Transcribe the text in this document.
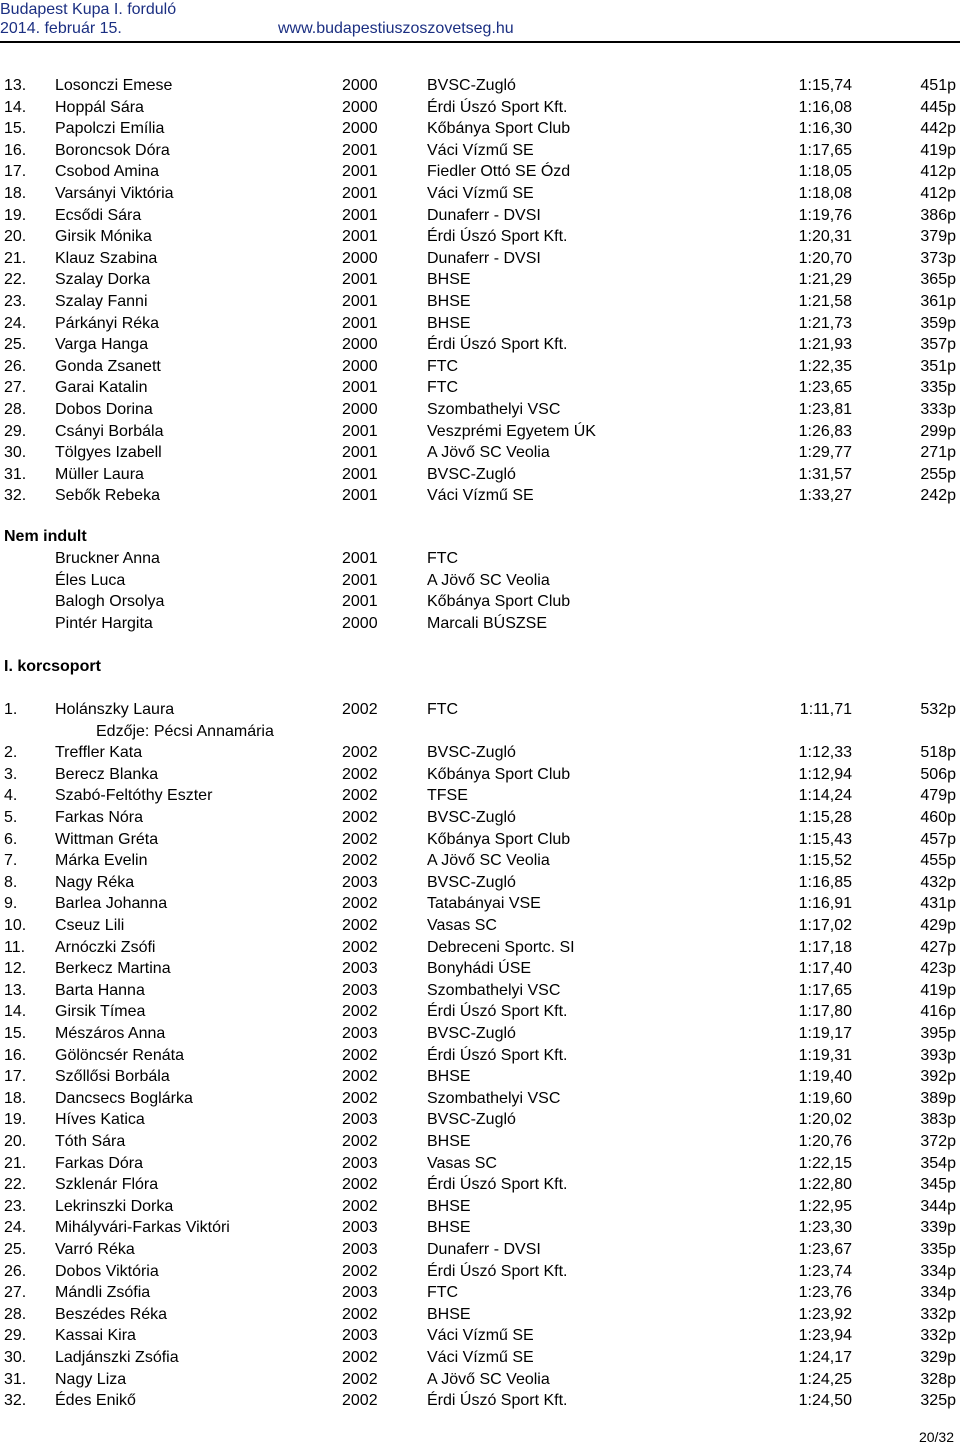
Budapest Kupa I. forduló
2014. február 15.	www.budapestiuszoszovetseg.hu
13. Losonczi Emese	2000	BVSC-Zugló	1:15,74	451p
14. Hoppál Sára	2000	Érdi Úszó Sport Kft.	1:16,08	445p
15. Papolczi Emília	2000	Kőbánya Sport Club	1:16,30	442p
16. Boroncsok Dóra	2001	Váci Vízmű SE	1:17,65	419p
17. Csobod Amina	2001	Fiedler Ottó SE Ózd	1:18,05	412p
18. Varsányi Viktória	2001	Váci Vízmű SE	1:18,08	412p
19. Ecsődi Sára	2001	Dunaferr - DVSI	1:19,76	386p
20. Girsik Mónika	2001	Érdi Úszó Sport Kft.	1:20,31	379p
21. Klauz Szabina	2000	Dunaferr - DVSI	1:20,70	373p
22. Szalay Dorka	2001	BHSE	1:21,29	365p
23. Szalay Fanni	2001	BHSE	1:21,58	361p
24. Párkányi Réka	2001	BHSE	1:21,73	359p
25. Varga Hanga	2000	Érdi Úszó Sport Kft.	1:21,93	357p
26. Gonda Zsanett	2000	FTC	1:22,35	351p
27. Garai Katalin	2001	FTC	1:23,65	335p
28. Dobos Dorina	2000	Szombathelyi VSC	1:23,81	333p
29. Csányi Borbála	2001	Veszprémi Egyetem ÚK	1:26,83	299p
30. Tölgyes Izabell	2001	A Jövő SC Veolia	1:29,77	271p
31. Müller Laura	2001	BVSC-Zugló	1:31,57	255p
32. Sebők Rebeka	2001	Váci Vízmű SE	1:33,27	242p
Nem indult
Bruckner Anna	2001	FTC
Éles Luca	2001	A Jövő SC Veolia
Balogh Orsolya	2001	Kőbánya Sport Club
Pintér Hargita	2000	Marcali BÚSZSE
I. korcsoport
1. Holánszky Laura	2002	FTC	1:11,71	532p
Edzője: Pécsi Annamária
2. Treffler Kata	2002	BVSC-Zugló	1:12,33	518p
3. Berecz Blanka	2002	Kőbánya Sport Club	1:12,94	506p
4. Szabó-Feltóthy Eszter	2002	TFSE	1:14,24	479p
5. Farkas Nóra	2002	BVSC-Zugló	1:15,28	460p
6. Wittman Gréta	2002	Kőbánya Sport Club	1:15,43	457p
7. Márka Evelin	2002	A Jövő SC Veolia	1:15,52	455p
8. Nagy Réka	2003	BVSC-Zugló	1:16,85	432p
9. Barlea Johanna	2002	Tatabányai VSE	1:16,91	431p
10. Cseuz Lili	2002	Vasas SC	1:17,02	429p
11. Arnóczki Zsófi	2002	Debreceni Sportc. SI	1:17,18	427p
12. Berkecz Martina	2003	Bonyhádi ÚSE	1:17,40	423p
13. Barta Hanna	2003	Szombathelyi VSC	1:17,65	419p
14. Girsik Tímea	2002	Érdi Úszó Sport Kft.	1:17,80	416p
15. Mészáros Anna	2003	BVSC-Zugló	1:19,17	395p
16. Gölöncsér Renáta	2002	Érdi Úszó Sport Kft.	1:19,31	393p
17. Szőllősi Borbála	2002	BHSE	1:19,40	392p
18. Dancsecs Boglárka	2002	Szombathelyi VSC	1:19,60	389p
19. Híves Katica	2003	BVSC-Zugló	1:20,02	383p
20. Tóth Sára	2002	BHSE	1:20,76	372p
21. Farkas Dóra	2003	Vasas SC	1:22,15	354p
22. Szklenár Flóra	2002	Érdi Úszó Sport Kft.	1:22,80	345p
23. Lekrinszki Dorka	2002	BHSE	1:22,95	344p
24. Mihályvári-Farkas Viktóri	2003	BHSE	1:23,30	339p
25. Varró Réka	2003	Dunaferr - DVSI	1:23,67	335p
26. Dobos Viktória	2002	Érdi Úszó Sport Kft.	1:23,74	334p
27. Mándli Zsófia	2003	FTC	1:23,76	334p
28. Beszédes Réka	2002	BHSE	1:23,92	332p
29. Kassai Kira	2003	Váci Vízmű SE	1:23,94	332p
30. Ladjánszki Zsófia	2002	Váci Vízmű SE	1:24,17	329p
31. Nagy Liza	2002	A Jövő SC Veolia	1:24,25	328p
32. Édes Enikő	2002	Érdi Úszó Sport Kft.	1:24,50	325p
20/32
